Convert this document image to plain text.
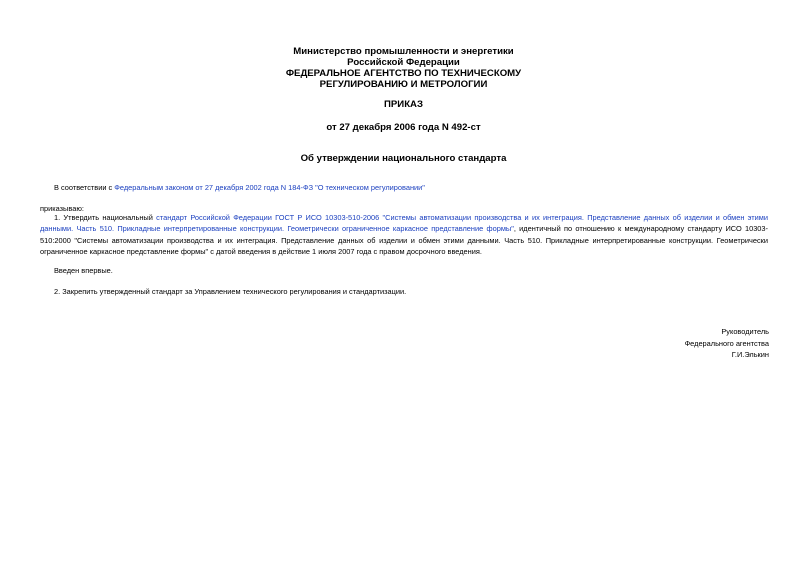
Министерство промышленности и энергетики
Российской Федерации
ФЕДЕРАЛЬНОЕ АГЕНТСТВО ПО ТЕХНИЧЕСКОМУ
РЕГУЛИРОВАНИЮ И МЕТРОЛОГИИ
ПРИКАЗ
от 27 декабря 2006 года N 492-ст
Об утверждении национального стандарта
В соответствии с Федеральным законом от 27 декабря 2002 года N 184-ФЗ "О техническом регулировании"
приказываю:
1. Утвердить национальный стандарт Российской Федерации ГОСТ Р ИСО 10303-510-2006 "Системы автоматизации производства и их интеграция. Представление данных об изделии и обмен этими данными. Часть 510. Прикладные интерпретированные конструкции. Геометрически ограниченное каркасное представление формы", идентичный по отношению к международному стандарту ИСО 10303-510:2000 "Системы автоматизации производства и их интеграция. Представление данных об изделии и обмен этими данными. Часть 510. Прикладные интерпретированные конструкции. Геометрически ограниченное каркасное представление формы" с датой введения в действие 1 июля 2007 года с правом досрочного введения.
Введен впервые.
2. Закрепить утвержденный стандарт за Управлением технического регулирования и стандартизации.
Руководитель
Федерального агентства
Г.И.Элькин
